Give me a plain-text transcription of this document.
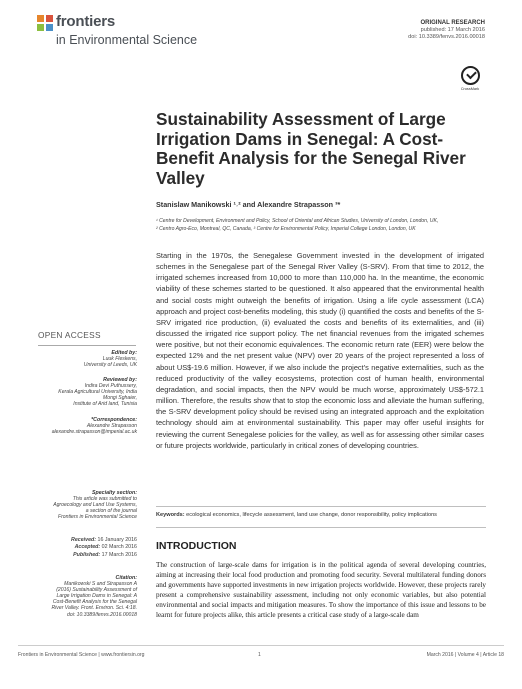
frontiers
in Environmental Science
ORIGINAL RESEARCH
published: 17 March 2016
doi: 10.3389/fenvs.2016.00018
CrossMark
Sustainability Assessment of Large Irrigation Dams in Senegal: A Cost-Benefit Analysis for the Senegal River Valley
Stanislaw Manikowski ¹˒² and Alexandre Strapasson ³*
¹ Centre for Development, Environment and Policy, School of Oriental and African Studies, University of London, London, UK,
² Centro Agro-Eco, Montreal, QC, Canada, ³ Centre for Environmental Policy, Imperial College London, London, UK
Starting in the 1970s, the Senegalese Government invested in the development of irrigated schemes in the Senegalese part of the Senegal River Valley (S-SRV). From that time to 2012, the irrigated schemes increased from 10,000 to more than 110,000 ha. In the meantime, the economic viability of these schemes started to be questioned. It also appeared that the environmental health and social costs might outweigh the benefits of irrigation. Using a life cycle assessment (LCA) approach and project cost-benefits modeling, this study (i) quantified the costs and benefits of the S-SRV irrigated rice production, (ii) evaluated the costs and benefits of its externalities, and (iii) discussed the irrigated rice support policy. The net financial revenues from the irrigated schemes were positive, but not their economic equivalences. The economic return rate (EER) were below the expected 12% and the net present value (NPV) over 20 years of the project represented a loss of about US$-19.6 million. However, if we also include the project’s negative externalities, such as the reduced productivity of the valley ecosystems, protection cost of human health, environmental degradation, and social impacts, then the NPV would be much worse, approximately US$-572.1 million. Therefore, the results show that to stop the economic loss and alleviate the human suffering, the S-SRV development policy should be revised using an integrated approach and the exploitation technology should aim at environmental sustainability. This paper may offer useful insights for reviewing the current Senegalese policies for the valley, as well as for assessing other similar cases or future projects worldwide, particularly in critical zones of developing countries.
Keywords: ecological economics, lifecycle assessment, land use change, donor responsibility, policy implications
INTRODUCTION
The construction of large-scale dams for irrigation is in the political agenda of several developing countries, aiming at increasing their local food production and promoting food security. Several multilateral funding donors and governments have supported investments in new irrigation projects worldwide. However, these projects rarely present a comprehensive sustainability assessment, including not only economic variables, but also potential environmental and social impacts and mitigation measures. To show the importance of this issue and lessons to be learnt for future projects alike, this article presents a critical case study of a large-scale dam
OPEN ACCESS
Edited by:
Luuk Fleskens,
University of Leeds, UK
Reviewed by:
Indira Devi Puthussery,
Kerala Agricultural University, India
Mongi Sghaier,
Institute of Arid land, Tunisia
*Correspondence:
Alexandre Strapasson
alexandre.strapasson@imperial.ac.uk
Specialty section:
This article was submitted to
Agroecology and Land Use Systems,
a section of the journal
Frontiers in Environmental Science
Received: 16 January 2016
Accepted: 02 March 2016
Published: 17 March 2016
Citation:
Manikowski S and Strapasson A
(2016) Sustainability Assessment of
Large Irrigation Dams in Senegal: A
Cost-Benefit Analysis for the Senegal
River Valley. Front. Environ. Sci. 4:18.
doi: 10.3389/fenvs.2016.00018
Frontiers in Environmental Science | www.frontiersin.org	1	March 2016 | Volume 4 | Article 18
